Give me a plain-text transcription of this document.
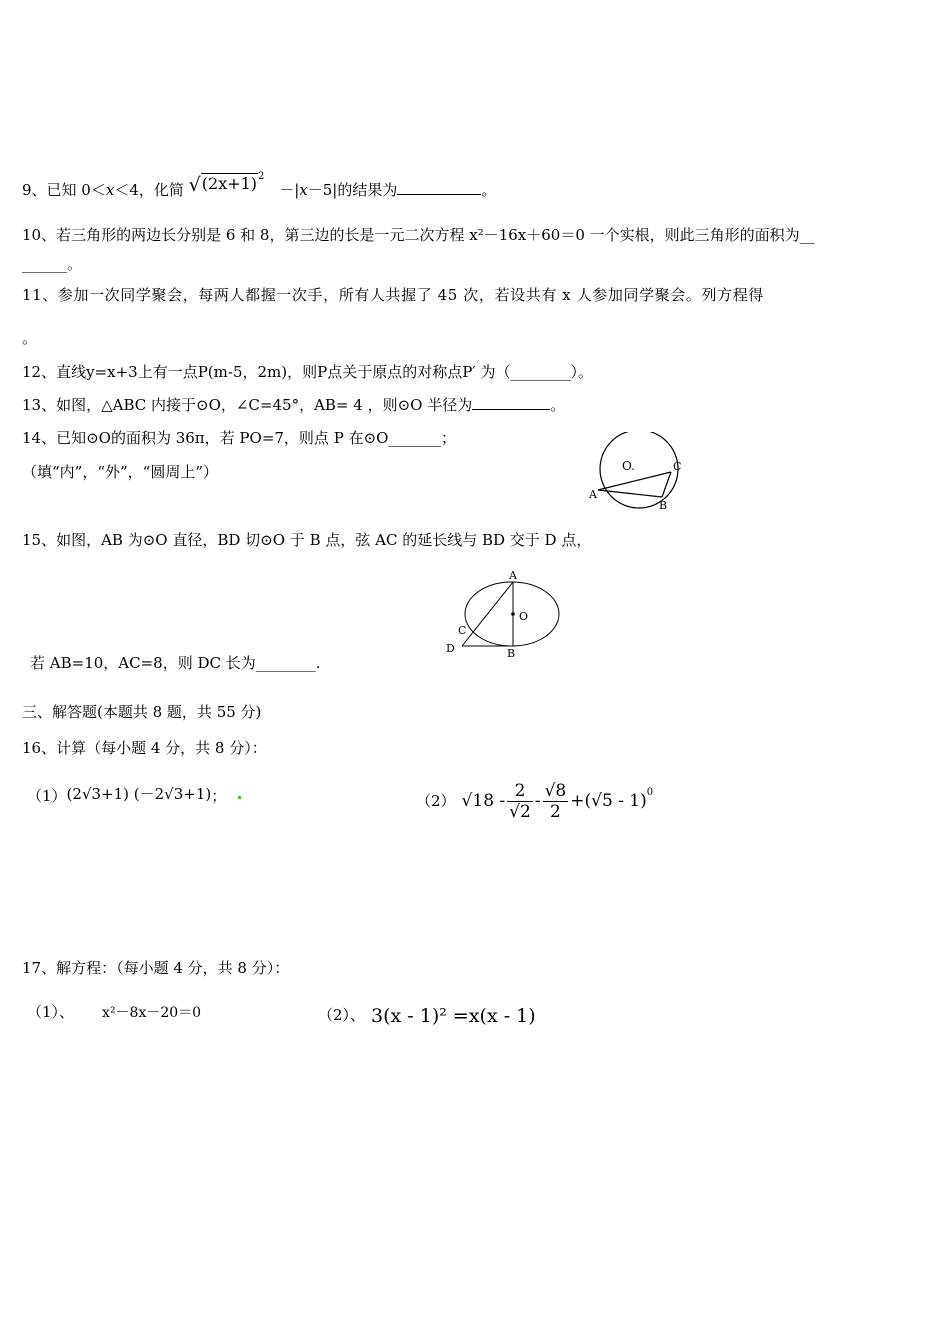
9、已知 0＜x＜4，化简 $√(2x+1)^2 -|x-5|$的结果为	。
10、若三角形的两边长分别是 6 和 8，第三边的长是一元二次方程 x²－16x＋60＝0 一个实根，则此三角形的面积为__
______。
11、参加一次同学聚会，每两人都握一次手，所有人共握了 45 次，若设共有 x 人参加同学聚会。列方程得
。
12、直线y=x+3上有一点P(m-5，2m)，则P点关于原点的对称点P′ 为（________）。
13、如图，△ABC 内接于⊙O，∠C=45°，AB= 4 ，则⊙O 半径为	。
14、已知⊙O的面积为 36π，若 PO=7，则点 P 在⊙O_______；
（填“内”，“外”，“圆周上”）	O.
A
B
C
15、如图，AB 为⊙O 直径，BD 切⊙O 于 B 点，弦 AC 的延长线与 BD 交于 D 点，
A
O
C
D	B
若 AB=10，AC=8，则 DC 长为________.
三、解答题(本题共 8 题，共 55 分)
16、计算（每小题 4 分，共 8 分）：
（1）(2√3+1) (－2√3+1)；	（2） $√18 - \frac{2}{√2} - \frac{√8}{2} +(√5 - 1)^0$
17、解方程：（每小题 4 分，共 8 分）：
（1）、 x²－8x－20＝0	（2）、 3(x - 1)² =x(x - 1)
